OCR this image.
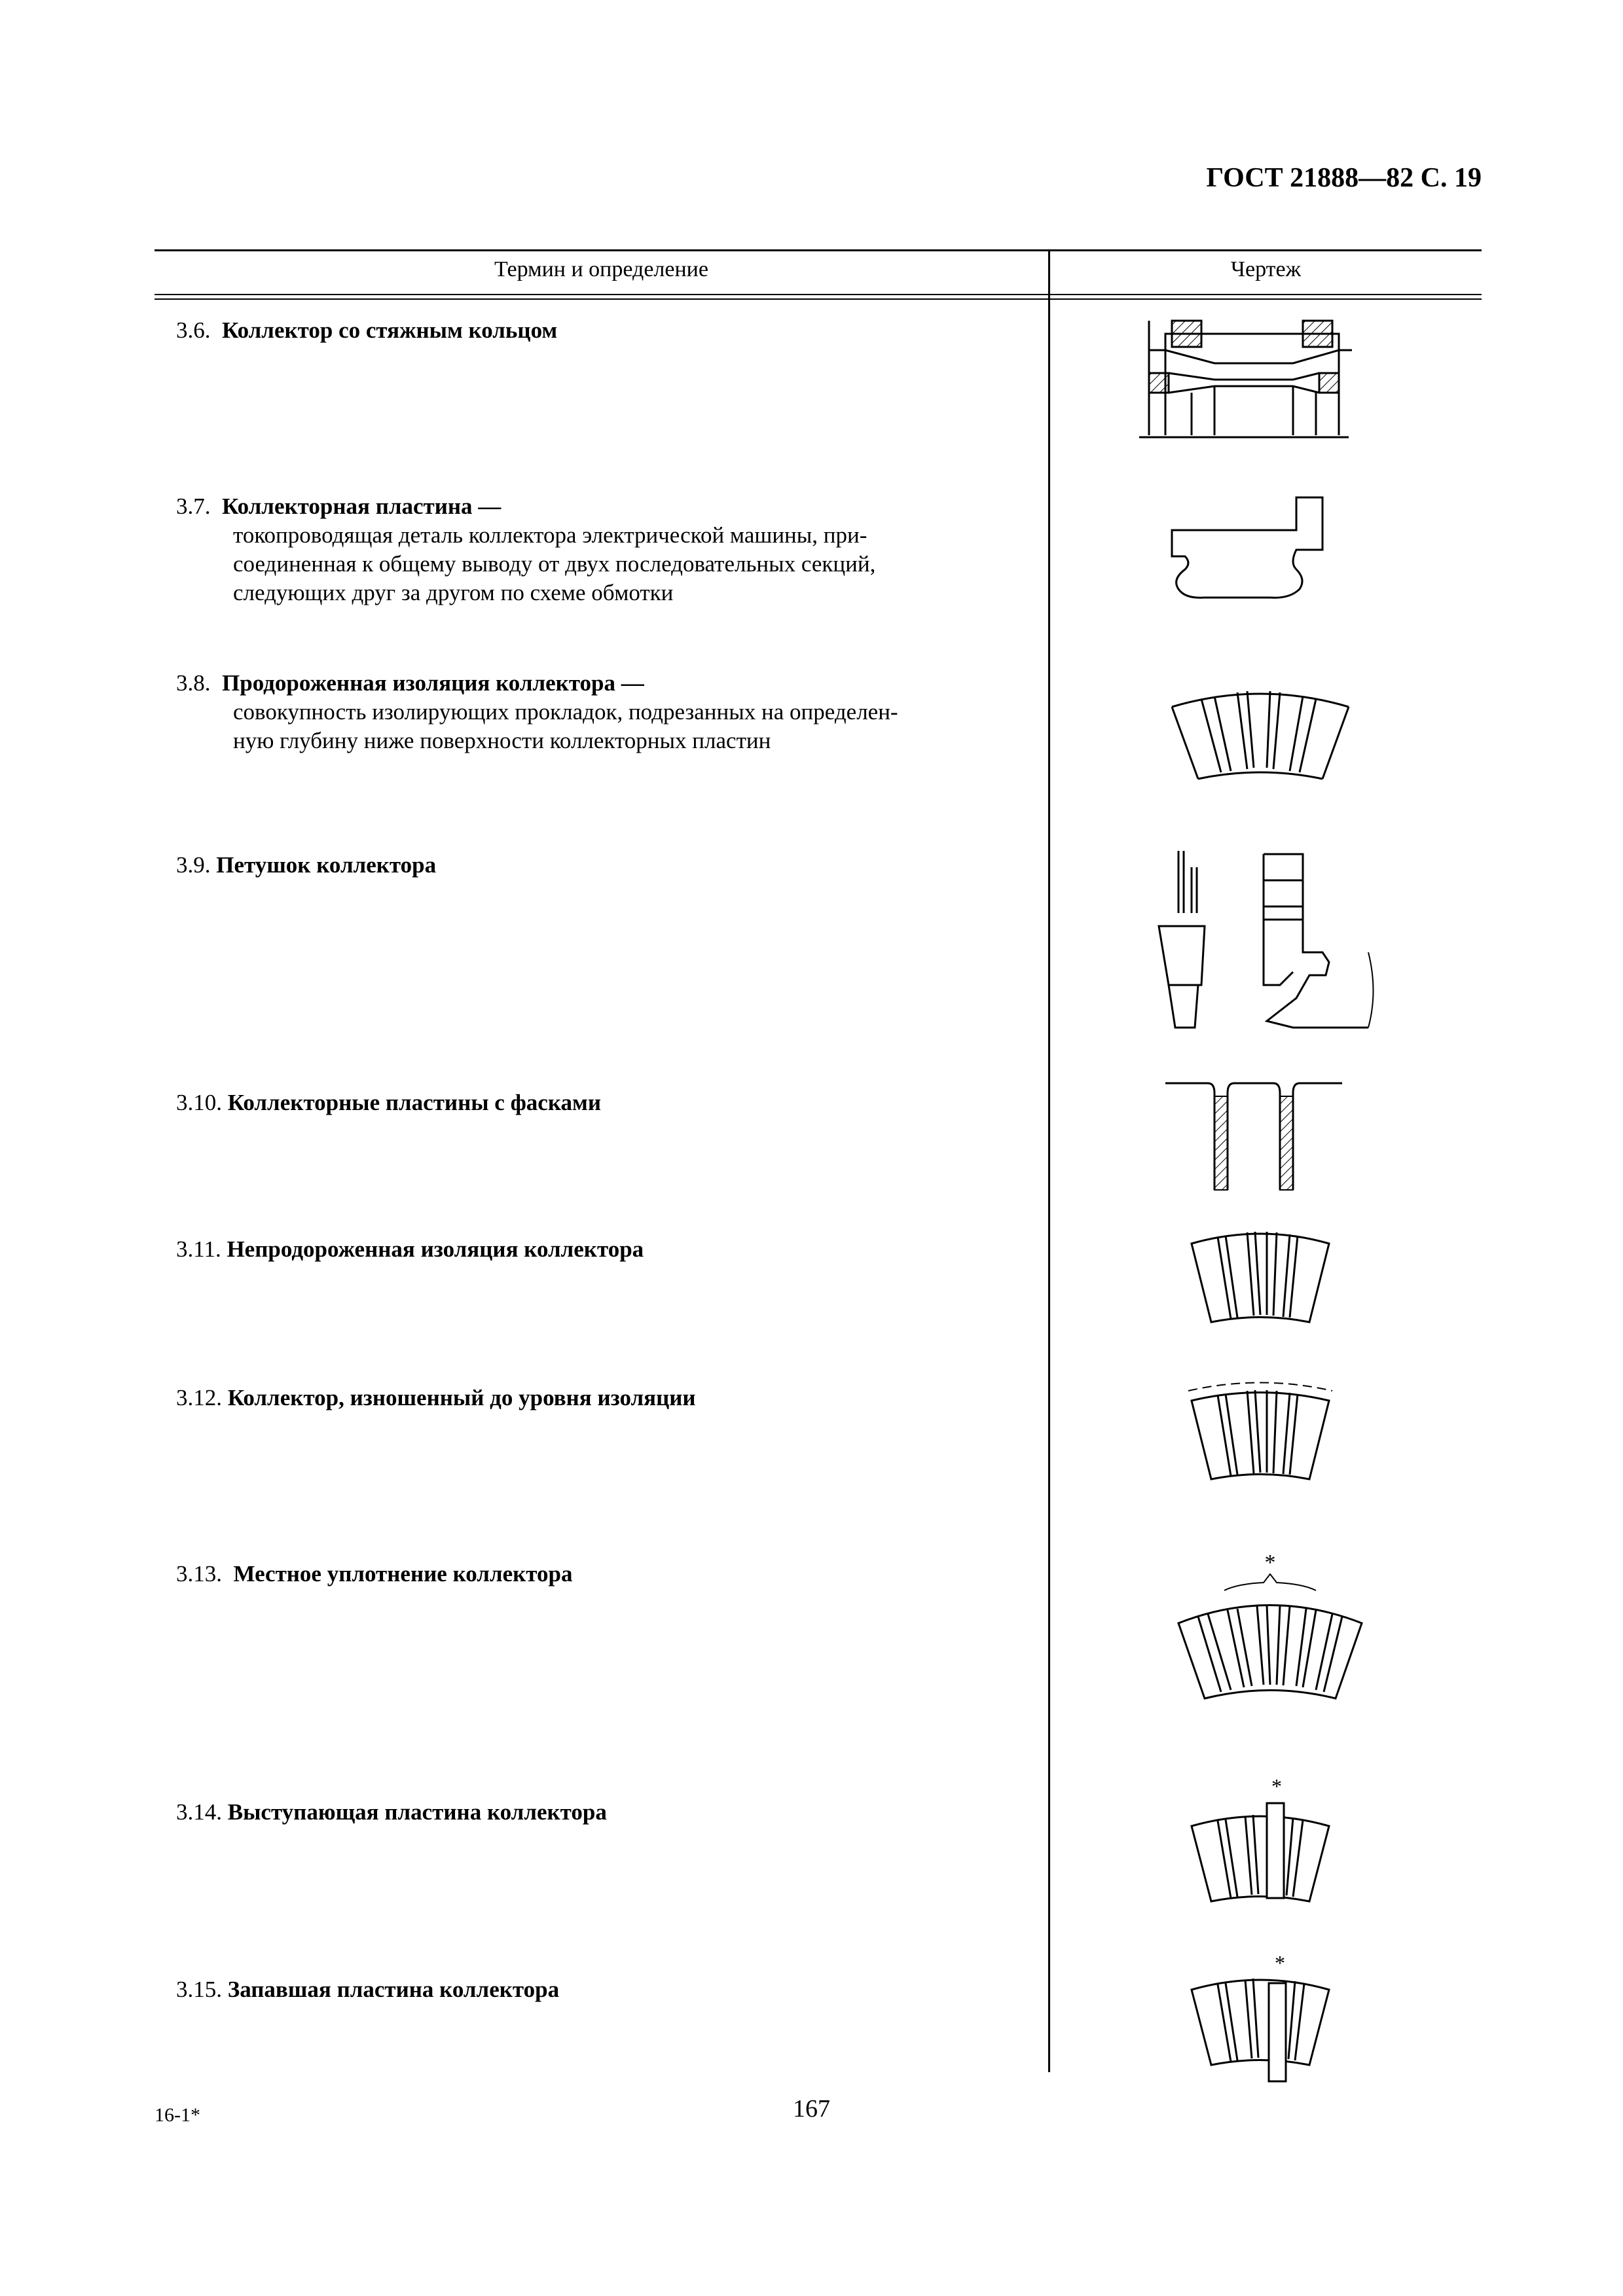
ГОСТ 21888—82 С. 19
Термин и определение	Чертеж
3.6. Коллектор со стяжным кольцом
3.7. Коллекторная пластина —
токопроводящая деталь коллектора электрической машины, при-
соединенная к общему выводу от двух последовательных секций,
следующих друг за другом по схеме обмотки
3.8. Продороженная изоляция коллектора —
совокупность изолирующих прокладок, подрезанных на определен-
ную глубину ниже поверхности коллекторных пластин
3.9. Петушок коллектора
3.10. Коллекторные пластины с фасками
3.11. Непродороженная изоляция коллектора
3.12. Коллектор, изношенный до уровня изоляции
3.13. Местное уплотнение коллектора
3.14. Выступающая пластина коллектора
3.15. Запавшая пластина коллектора
*
*
*
16-1*	167
